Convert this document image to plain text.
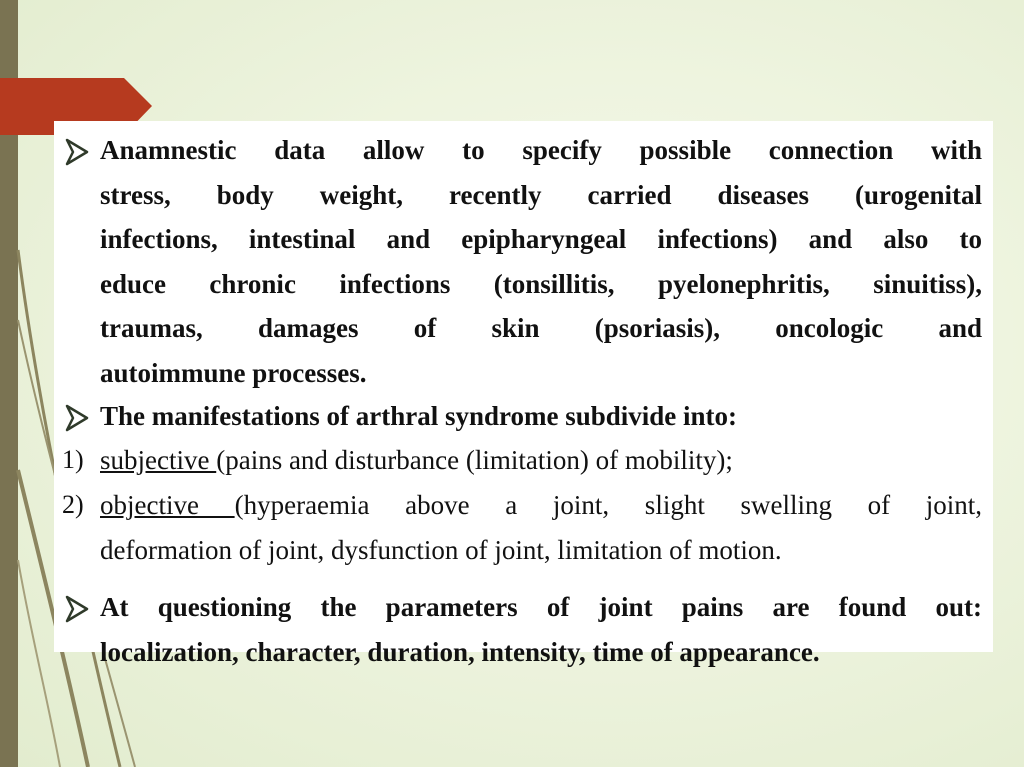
Anamnestic data allow to specify possible connection with
stress, body weight, recently carried diseases (urogenital
infections, intestinal and epipharyngeal infections) and also to
educe chronic infections (tonsillitis, pyelonephritis, sinuitiss),
traumas, damages of skin (psoriasis), oncologic and
autoimmune processes.
The manifestations of arthral syndrome subdivide into:
1) subjective (pains and disturbance (limitation) of mobility);
2) objective (hyperaemia above a joint, slight swelling of joint,
deformation of joint, dysfunction of joint, limitation of motion.
At questioning the parameters of joint pains are found out:
localization, character, duration, intensity, time of appearance.
